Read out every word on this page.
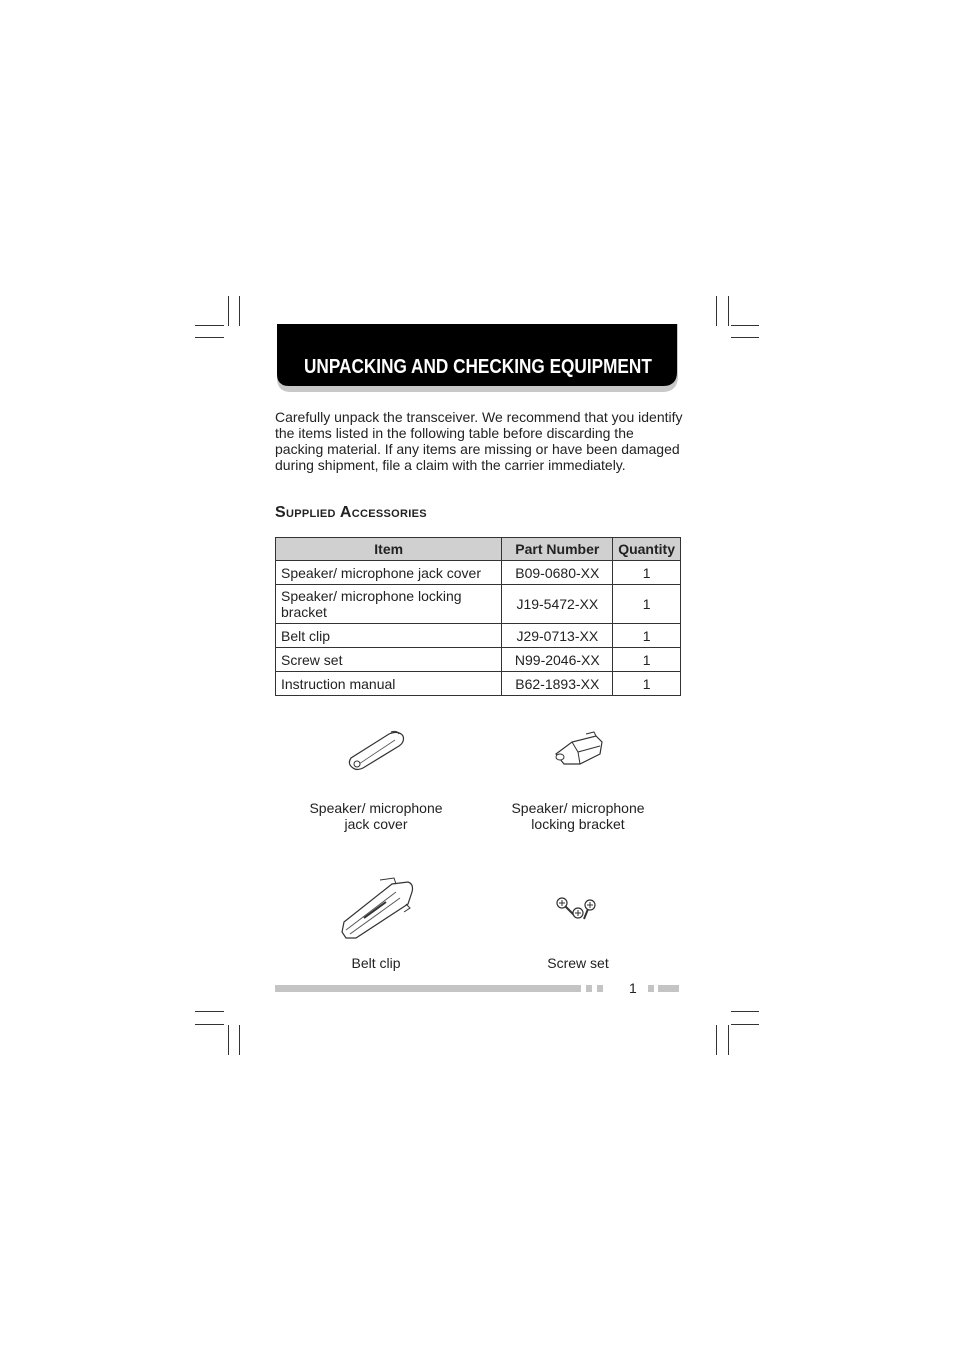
UNPACKING AND CHECKING EQUIPMENT
Carefully unpack the transceiver. We recommend that you identify the items listed in the following table before discarding the packing material. If any items are missing or have been damaged during shipment, file a claim with the carrier immediately.
Supplied Accessories
Item	Part Number	Quantity
Speaker/ microphone jack cover	B09-0680-XX	1
Speaker/ microphone locking bracket	J19-5472-XX	1
Belt clip	J29-0713-XX	1
Screw set	N99-2046-XX	1
Instruction manual	B62-1893-XX	1
Speaker/ microphone
jack cover
Speaker/ microphone
locking bracket
Belt clip	Screw set
1
